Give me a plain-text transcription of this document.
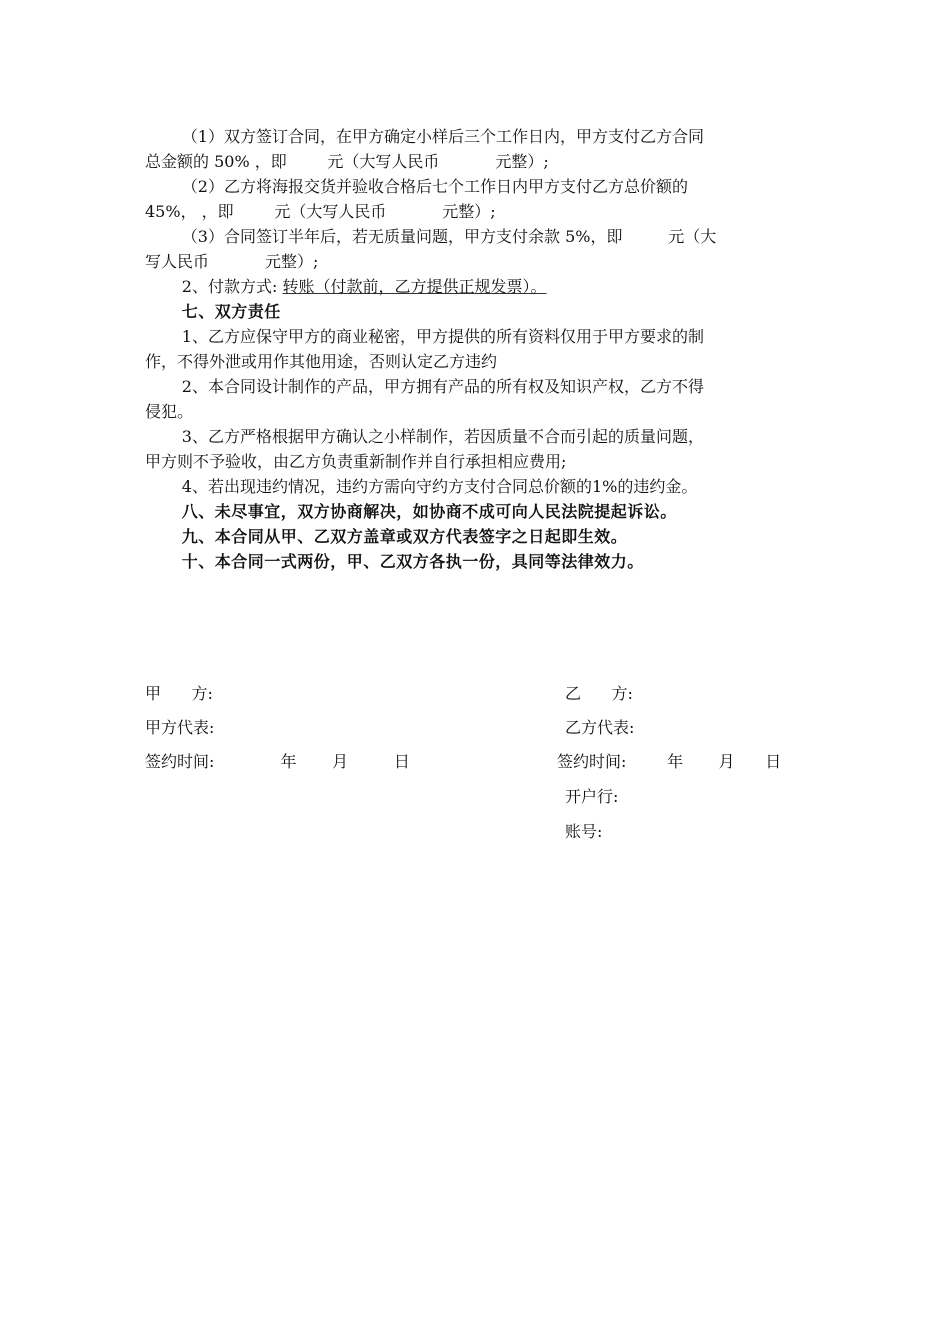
（1）双方签订合同，在甲方确定小样后三个工作日内，甲方支付乙方合同

总金额的 50% ，即        元（大写人民币           元整）;

（2）乙方将海报交货并验收合格后七个工作日内甲方支付乙方总价额的

45%， ，即        元（大写人民币           元整）;

（3）合同签订半年后，若无质量问题，甲方支付余款 5%，即         元（大

写人民币           元整）;

2、付款方式: 转账（付款前，乙方提供正规发票）。

七、双方责任

1、乙方应保守甲方的商业秘密，甲方提供的所有资料仅用于甲方要求的制

作，不得外泄或用作其他用途，否则认定乙方违约

2、本合同设计制作的产品，甲方拥有产品的所有权及知识产权，乙方不得

侵犯。

3、乙方严格根据甲方确认之小样制作，若因质量不合而引起的质量问题，

甲方则不予验收，由乙方负责重新制作并自行承担相应费用;

4、若出现违约情况，违约方需向守约方支付合同总价额的1%的违约金。

八、未尽事宜，双方协商解决，如协商不成可向人民法院提起诉讼。

九、本合同从甲、乙双方盖章或双方代表签字之日起即生效。

十、本合同一式两份，甲、乙双方各执一份，具同等法律效力。

甲      方:
甲方代表:
签约时间:             年       月         日
乙      方:
乙方代表:
签约时间:        年       月      日
开户行:
账号:
